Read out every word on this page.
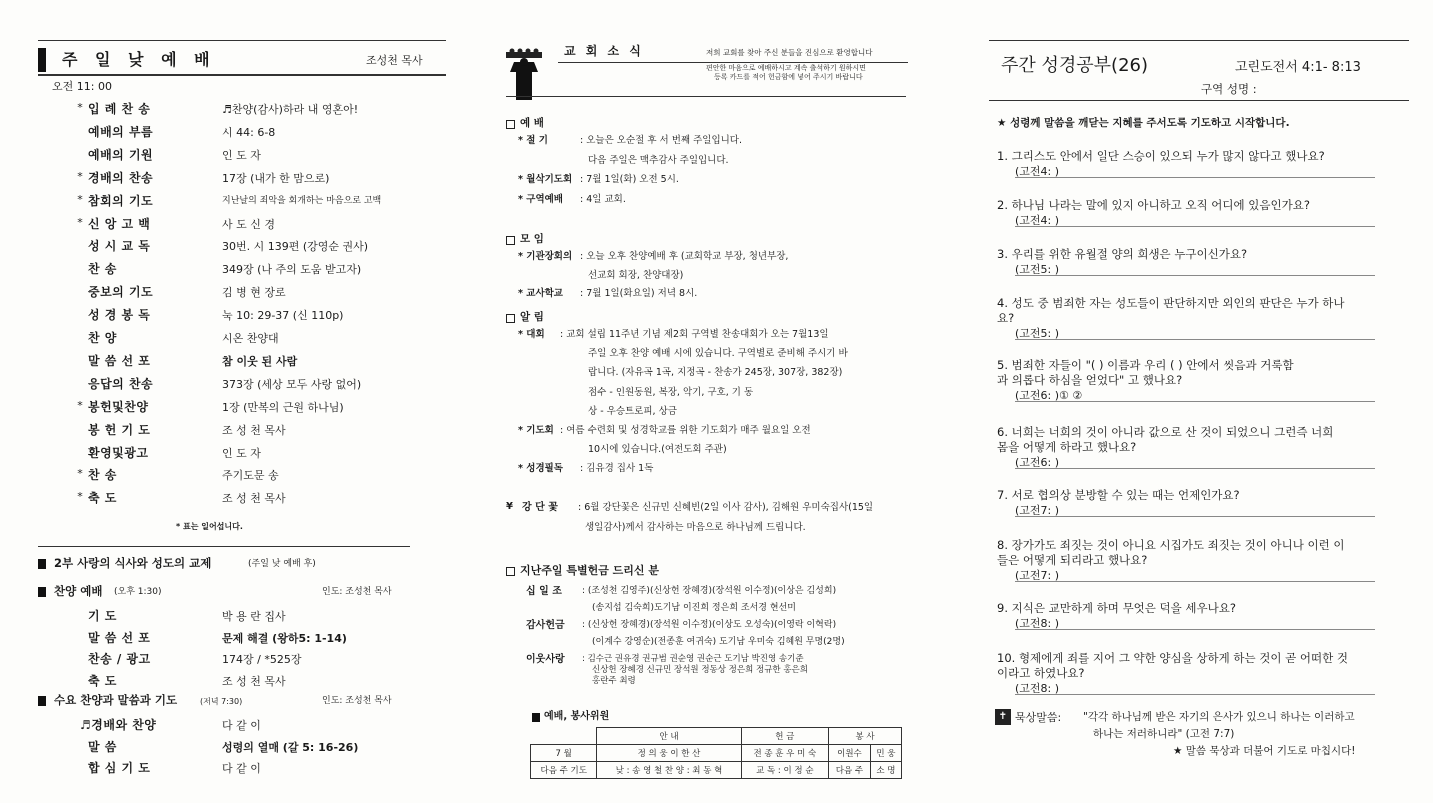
주 일 낮 예 배	조성천 목사
오전 11: 00
* 입 례 찬 송	♬찬양(감사)하라 내 영혼아!
예배의 부름	시 44: 6-8
예배의 기원	인 도 자
* 경배의 찬송	17장 (내가 한 맘으로)
* 참회의 기도	지난날의 죄악을 회개하는 마음으로 고백
* 신 앙 고 백	사 도 신 경
성 시 교 독	30번. 시 139편 (강영순 권사)
찬 송	349장 (나 주의 도움 받고자)
중보의 기도	김 병 현 장로
성 경 봉 독	눅 10: 29-37 (신 110p)
찬 양	시온 찬양대
말 씀 선 포	참 이웃 된 사람
응답의 찬송	373장 (세상 모두 사랑 없어)
* 봉헌및찬양	1장 (만복의 근원 하나님)
봉 헌 기 도	조 성 천 목사
환영및광고	인 도 자
* 찬 송	주기도문 송
* 축 도	조 성 천 목사
* 표는 일어섭니다.
2부 사랑의 식사와 성도의 교제	(주일 낮 예배 후)
찬양 예배 (오후 1:30)	인도: 조성천 목사
기 도	박 용 란 집사
말 씀 선 포	문제 해결 (왕하5: 1-14)
찬송 / 광고	174장 / *525장
축 도	조 성 천 목사
수요 찬양과 말씀과 기도	(저녁 7:30)	인도: 조성천 목사
♬경배와 찬양	다 같 이
말 씀	성령의 열매 (갈 5: 16-26)
합 심 기 도	다 같 이
교 회 소 식	저희 교회를 찾아 주신 분들을 진심으로 환영합니다
편안한 마음으로 예배하시고 계속 출석하기 원하시면
등록 카드를 적어 헌금함에 넣어 주시기 바랍니다
예 배
* 절 기	: 오늘은 오순절 후 서 번째 주일입니다.
다음 주일은 맥추감사 주일입니다.
* 월삭기도회 : 7월 1일(화) 오전 5시.
* 구역예배 : 4일 교회.
모 임
* 기관장회의 : 오늘 오후 찬양예배 후 (교회학교 부장, 청년부장,
선교회 회장, 찬양대장)
* 교사학교 : 7월 1일(화요일) 저녁 8시.
알 림
* 대회 : 교회 설립 11주년 기념 제2회 구역별 찬송대회가 오는 7월13일
주일 오후 찬양 예배 시에 있습니다. 구역별로 준비해 주시기 바
랍니다. (자유곡 1곡, 지정곡 - 찬송가 245장, 307장, 382장)
점수 - 인원동원, 복장, 악기, 구호, 기 동
상 - 우승트로피, 상금
* 기도회 : 여름 수련회 및 성경학교를 위한 기도회가 매주 월요일 오전
10시에 있습니다.(여전도회 주관)
* 성경필독 : 김유경 집사 1독
¥ 강 단 꽃 : 6월 강단꽃은 신규민 신혜빈(2일 이사 감사), 김해원 우미숙집사(15일
생일감사)께서 감사하는 마음으로 하나님께 드립니다.
지난주일 특별헌금 드리신 분
십 일 조 : (조성천 김영주)(신상헌 장혜경)(장석원 이수정)(이상은 김성희)
(송지섭 김숙희)도기남 이진희 정은희 조서경 현선미
감사헌금 : (신상헌 장혜경)(장석원 이수정)(이상도 오성숙)(이영락 이혁락)
(이계수 강영순)(전종훈 여귀숙) 도기남 우미숙 김혜원 무명(2명)
이웃사랑 : 김수근 권유경 권규범 권순영 권순근 도기남 박진영 송기준
신상헌 장혜경 신규민 장석원 정동상 정은희 정규한 홍은희
홍란주 최령
예배, 봉사위원
	안 내	헌 금	봉 사	
7 월	정 의 웅 이 한 산	전 종 훈 우 미 숙	이원수	민 웅
다음 주 기도	낮 : 송 영 철 찬 양 : 최 동 혁	교 독 : 이 정 순	다음 주	소 명
주간 성경공부(26)	고린도전서 4:1- 8:13
구역 성명 :
★ 성령께 말씀을 깨닫는 지혜를 주서도록 기도하고 시작합니다.
1. 그리스도 안에서 일단 스승이 있으되 누가 많지 않다고 했나요?
(고전4: )
2. 하나님 나라는 말에 있지 아니하고 오직 어디에 있음인가요?
(고전4: )
3. 우리를 위한 유월절 양의 희생은 누구이신가요?
(고전5: )
4. 성도 중 범죄한 자는 성도들이 판단하지만 외인의 판단은 누가 하나
요?
(고전5: )
5. 범죄한 자들이 "( ) 이름과 우리 ( ) 안에서 씻음과 거룩함
과 의롭다 하심을 얻었다" 고 했나요?
(고전6: )① ②
6. 너희는 너희의 것이 아니라 값으로 산 것이 되었으니 그런즉 너희
몸을 어떻게 하라고 했나요?
(고전6: )
7. 서로 협의상 분방할 수 있는 때는 언제인가요?
(고전7: )
8. 장가가도 죄짓는 것이 아니요 시집가도 죄짓는 것이 아니나 이런 이
들은 어떻게 되리라고 했나요?
(고전7: )
9. 지식은 교만하게 하며 무엇은 덕을 세우나요?
(고전8: )
10. 형제에게 죄를 지어 그 약한 양심을 상하게 하는 것이 곧 어떠한 것
이라고 하였나요?
(고전8: )
✝ 묵상말씀: "각각 하나님께 받은 자기의 은사가 있으니 하나는 이러하고
하나는 저러하니라" (고전 7:7)
★ 말씀 묵상과 더불어 기도로 마칩시다!
